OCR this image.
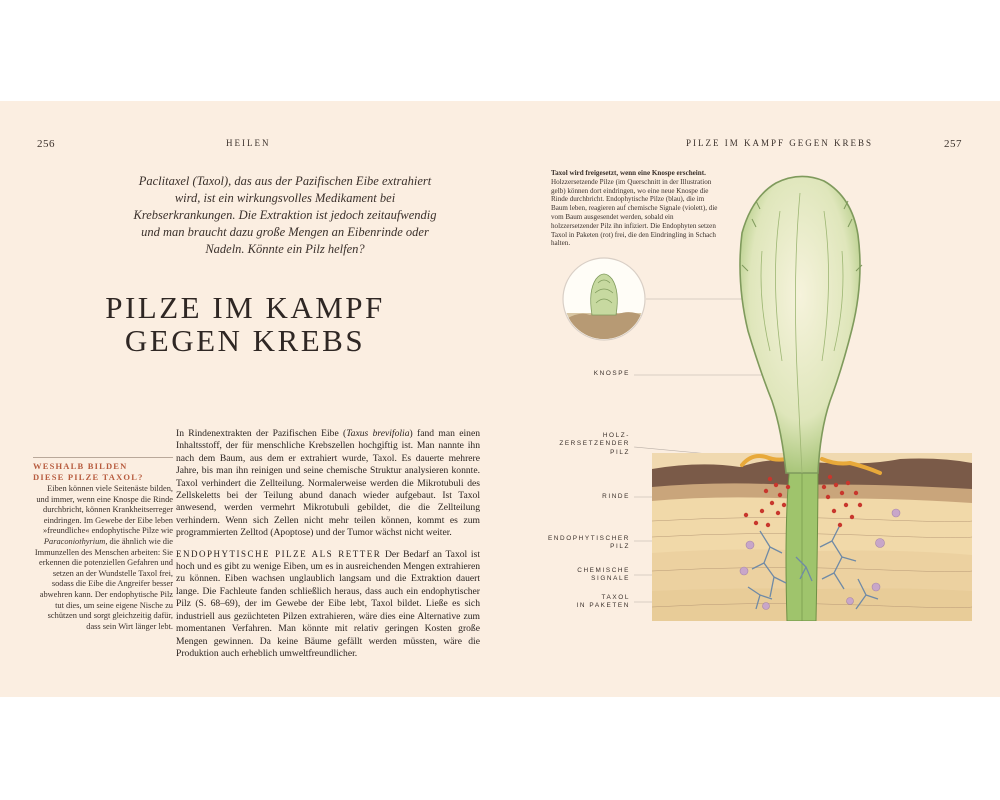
256	HEILEN
Paclitaxel (Taxol), das aus der Pazifischen Eibe extrahiert wird, ist ein wirkungsvolles Medikament bei Krebserkrankungen. Die Extraktion ist jedoch zeitaufwendig und man braucht dazu große Mengen an Eibenrinde oder Nadeln. Könnte ein Pilz helfen?
PILZE IM KAMPF
GEGEN KREBS
WESHALB BILDEN
DIESE PILZE TAXOL?
Eiben können viele Seitenäste bilden, und immer, wenn eine Knospe die Rinde durchbricht, können Krankheitserreger eindringen. Im Gewebe der Eibe leben »freundliche« endophytische Pilze wie Paraconiothyrium, die ähnlich wie die Immunzellen des Menschen arbeiten: Sie erkennen die potenziellen Gefahren und setzen an der Wundstelle Taxol frei, sodass die Eibe die Angreifer besser abwehren kann. Der endophytische Pilz tut dies, um seine eigene Nische zu schützen und sorgt gleichzeitig dafür, dass sein Wirt länger lebt.

In Rindenextrakten der Pazifischen Eibe (Taxus brevifolia) fand man einen Inhaltsstoff, der für menschliche Krebszellen hochgiftig ist. Man nannte ihn nach dem Baum, aus dem er extrahiert wurde, Taxol. Es dauerte mehrere Jahre, bis man ihn reinigen und seine chemische Struktur analysieren konnte. Taxol verhindert die Zellteilung. Normalerweise werden die Mikrotubuli des Zellskeletts bei der Teilung abund danach wieder aufgebaut. Ist Taxol anwesend, werden vermehrt Mikrotubuli gebildet, die die Zellteilung verhindern. Wenn sich Zellen nicht mehr teilen können, kommt es zum programmierten Zelltod (Apoptose) und der Tumor wächst nicht weiter.

ENDOPHYTISCHE PILZE ALS RETTER Der Bedarf an Taxol ist hoch und es gibt zu wenige Eiben, um es in ausreichenden Mengen extrahieren zu können. Eiben wachsen unglaublich langsam und die Extraktion dauert lange. Die Fachleute fanden schließlich heraus, dass auch ein endophytischer Pilz (S. 68–69), der im Gewebe der Eibe lebt, Taxol bildet. Ließe es sich industriell aus gezüchteten Pilzen extrahieren, wäre dies eine Alternative zum momentanen Verfahren. Man könnte mit relativ geringen Kosten große Mengen gewinnen. Da keine Bäume gefällt werden müssten, wäre die Produktion auch erheblich umweltfreundlicher.

PILZE IM KAMPF GEGEN KREBS	257
Taxol wird freigesetzt, wenn eine Knospe erscheint.
Holzzersetzende Pilze (im Querschnitt in der Illustration gelb) können dort eindringen, wo eine neue Knospe die Rinde durchbricht. Endophytische Pilze (blau), die im Baum leben, reagieren auf chemische Signale (violett), die vom Baum ausgesendet werden, sobald ein holzzersetzender Pilz ihn infiziert. Die Endophyten setzen Taxol in Paketen (rot) frei, die den Eindringling in Schach halten.
KNOSPE
HOLZ-
ZERSETZENDER
PILZ
RINDE
ENDOPHYTISCHER
PILZ
CHEMISCHE
SIGNALE
TAXOL
IN PAKETEN
